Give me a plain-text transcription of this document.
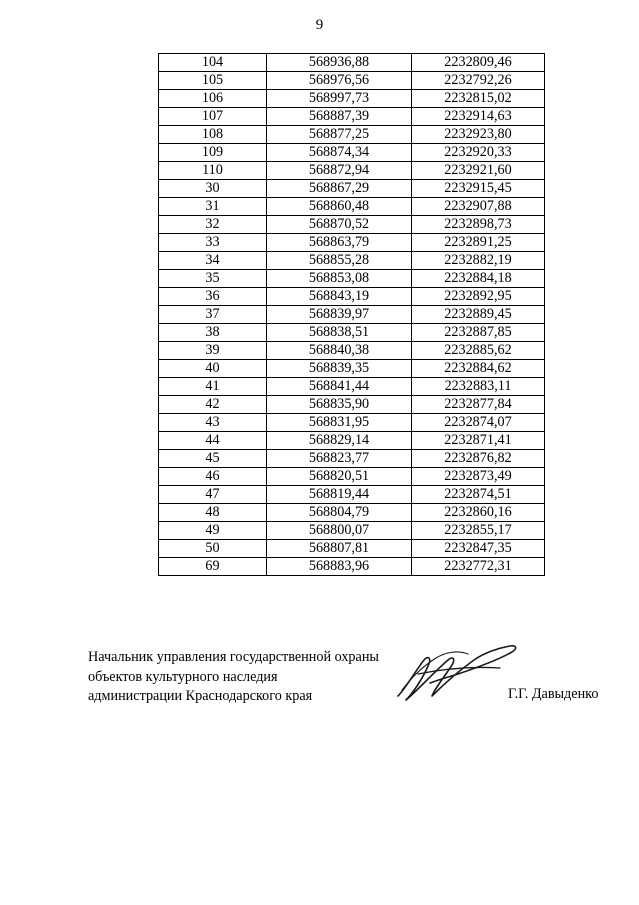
9
104	568936,88	2232809,46
105	568976,56	2232792,26
106	568997,73	2232815,02
107	568887,39	2232914,63
108	568877,25	2232923,80
109	568874,34	2232920,33
110	568872,94	2232921,60
30	568867,29	2232915,45
31	568860,48	2232907,88
32	568870,52	2232898,73
33	568863,79	2232891,25
34	568855,28	2232882,19
35	568853,08	2232884,18
36	568843,19	2232892,95
37	568839,97	2232889,45
38	568838,51	2232887,85
39	568840,38	2232885,62
40	568839,35	2232884,62
41	568841,44	2232883,11
42	568835,90	2232877,84
43	568831,95	2232874,07
44	568829,14	2232871,41
45	568823,77	2232876,82
46	568820,51	2232873,49
47	568819,44	2232874,51
48	568804,79	2232860,16
49	568800,07	2232855,17
50	568807,81	2232847,35
69	568883,96	2232772,31
Начальник управления государственной охраны
объектов культурного наследия
администрации Краснодарского края	Г.Г. Давыденко
